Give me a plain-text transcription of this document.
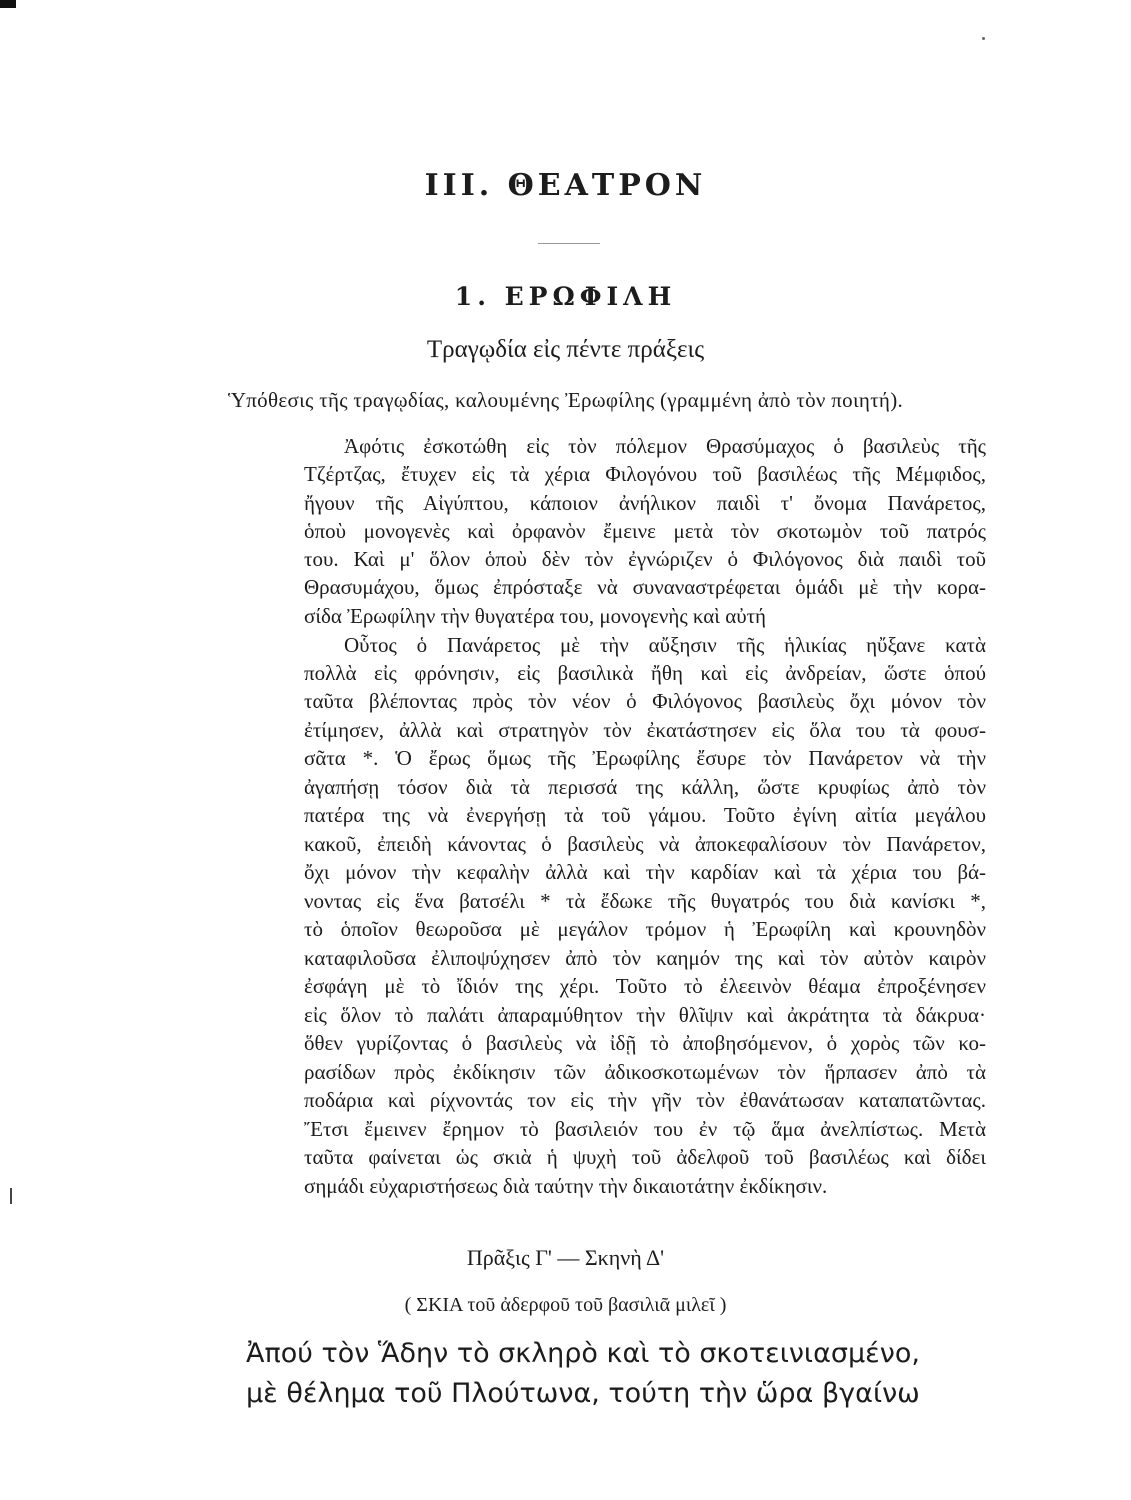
III. ΘΕΑΤΡΟΝ
1. ΕΡΩΦΙΛΗ
Τραγῳδία εἰς πέντε πράξεις
Ὑπόθεσις τῆς τραγῳδίας, καλουμένης Ἐρωφίλης (γραμμένη ἀπὸ τὸν ποιητή).
Ἀφότις ἐσκοτώθη εἰς τὸν πόλεμον Θρασύμαχος ὁ βασιλεὺς τῆς
Τζέρτζας, ἔτυχεν εἰς τὰ χέρια Φιλογόνου τοῦ βασιλέως τῆς Μέμφιδος,
ἤγουν τῆς Αἰγύπτου, κάποιον ἀνήλικον παιδὶ τ' ὄνομα Πανάρετος,
ὁποὺ μονογενὲς καὶ ὀρφανὸν ἔμεινε μετὰ τὸν σκοτωμὸν τοῦ πατρός
του. Καὶ μ' ὅλον ὁποὺ δὲν τὸν ἐγνώριζεν ὁ Φιλόγονος διὰ παιδὶ τοῦ
Θρασυμάχου, ὅμως ἐπρόσταξε νὰ συναναστρέφεται ὁμάδι μὲ τὴν κορα-
σίδα Ἐρωφίλην τὴν θυγατέρα του, μονογενὴς καὶ αὐτή
Οὗτος ὁ Πανάρετος μὲ τὴν αὔξησιν τῆς ἡλικίας ηὔξανε κατὰ
πολλὰ εἰς φρόνησιν, εἰς βασιλικὰ ἤθη καὶ εἰς ἀνδρείαν, ὥστε ὁπού
ταῦτα βλέποντας πρὸς τὸν νέον ὁ Φιλόγονος βασιλεὺς ὄχι μόνον τὸν
ἐτίμησεν, ἀλλὰ καὶ στρατηγὸν τὸν ἐκατάστησεν εἰς ὅλα του τὰ φουσ-
σᾶτα *. Ὁ ἔρως ὅμως τῆς Ἐρωφίλης ἔσυρε τὸν Πανάρετον νὰ τὴν
ἀγαπήσῃ τόσον διὰ τὰ περισσά της κάλλη, ὥστε κρυφίως ἀπὸ τὸν
πατέρα της νὰ ἐνεργήσῃ τὰ τοῦ γάμου. Τοῦτο ἐγίνη αἰτία μεγάλου
κακοῦ, ἐπειδὴ κάνοντας ὁ βασιλεὺς νὰ ἀποκεφαλίσουν τὸν Πανάρετον,
ὄχι μόνον τὴν κεφαλὴν ἀλλὰ καὶ τὴν καρδίαν καὶ τὰ χέρια του βά-
νοντας εἰς ἕνα βατσέλι * τὰ ἔδωκε τῆς θυγατρός του διὰ κανίσκι *,
τὸ ὁποῖον θεωροῦσα μὲ μεγάλον τρόμον ἡ Ἐρωφίλη καὶ κρουνηδὸν
καταφιλοῦσα ἐλιποψύχησεν ἀπὸ τὸν καημόν της καὶ τὸν αὐτὸν καιρὸν
ἐσφάγη μὲ τὸ ἴδιόν της χέρι. Τοῦτο τὸ ἐλεεινὸν θέαμα ἐπροξένησεν
εἰς ὅλον τὸ παλάτι ἀπαραμύθητον τὴν θλῖψιν καὶ ἀκράτητα τὰ δάκρυα·
ὅθεν γυρίζοντας ὁ βασιλεὺς νὰ ἰδῇ τὸ ἀποβησόμενον, ὁ χορὸς τῶν κο-
ρασίδων πρὸς ἐκδίκησιν τῶν ἀδικοσκοτωμένων τὸν ἥρπασεν ἀπὸ τὰ
ποδάρια καὶ ρίχνοντάς τον εἰς τὴν γῆν τὸν ἐθανάτωσαν καταπατῶντας.
Ἔτσι ἔμεινεν ἔρημον τὸ βασιλειόν του ἐν τῷ ἅμα ἀνελπίστως. Μετὰ
ταῦτα φαίνεται ὡς σκιὰ ἡ ψυχὴ τοῦ ἀδελφοῦ τοῦ βασιλέως καὶ δίδει
σημάδι εὐχαριστήσεως διὰ ταύτην τὴν δικαιοτάτην ἐκδίκησιν.
Πρᾶξις Γ' — Σκηνὴ Δ'
( ΣΚΙΑ τοῦ ἀδερφοῦ τοῦ βασιλιᾶ μιλεῖ )
Ἀπού τὸν Ἅδην τὸ σκληρὸ καὶ τὸ σκοτεινιασμένο,
μὲ θέλημα τοῦ Πλούτωνα, τούτη τὴν ὥρα βγαίνω
